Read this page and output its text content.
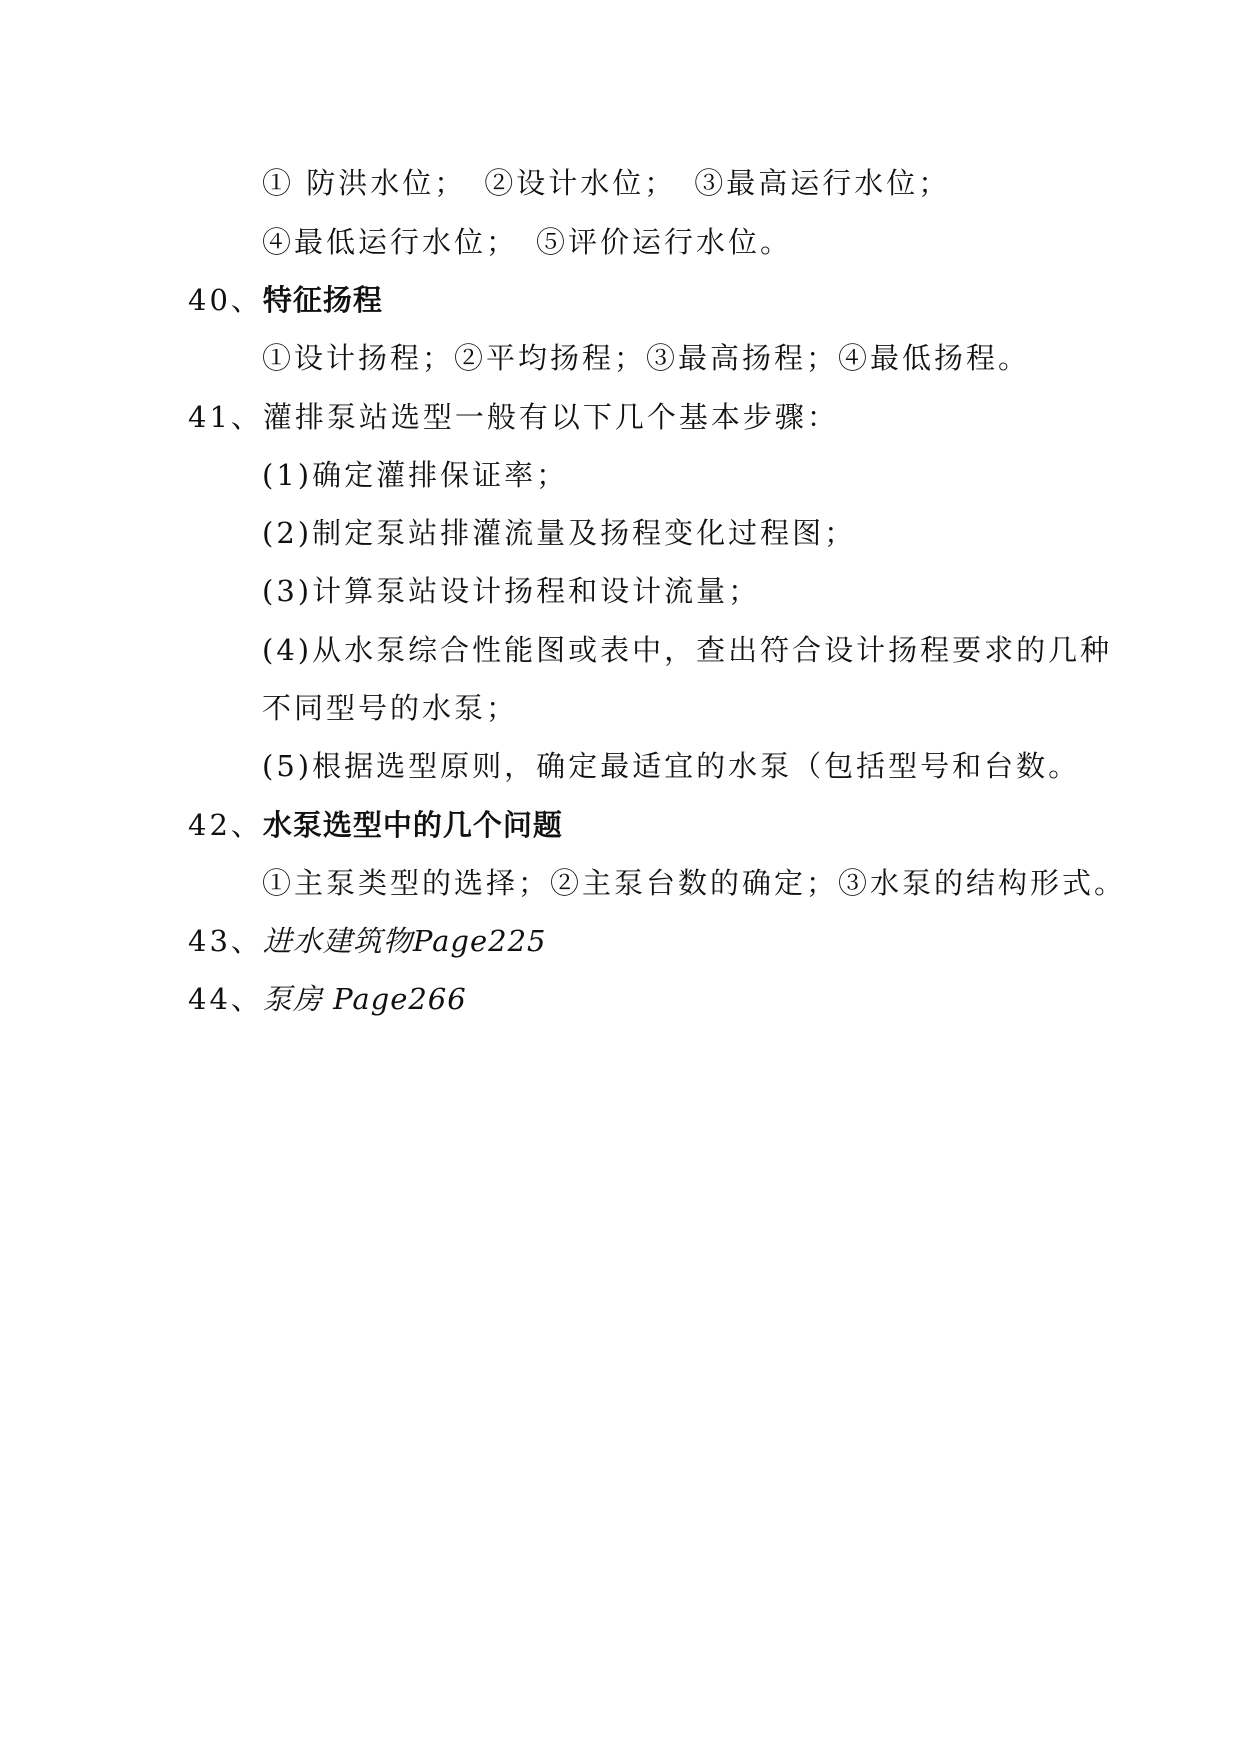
① 防洪水位； ②设计水位； ③最高运行水位；
④最低运行水位； ⑤评价运行水位。
40、特征扬程
①设计扬程；②平均扬程；③最高扬程；④最低扬程。
41、灌排泵站选型一般有以下几个基本步骤：
(1)确定灌排保证率；
(2)制定泵站排灌流量及扬程变化过程图；
(3)计算泵站设计扬程和设计流量；
(4)从水泵综合性能图或表中，查出符合设计扬程要求的几种
不同型号的水泵；
(5)根据选型原则，确定最适宜的水泵（包括型号和台数。
42、水泵选型中的几个问题
①主泵类型的选择；②主泵台数的确定；③水泵的结构形式。
43、进水建筑物Page225
44、泵房 Page266
